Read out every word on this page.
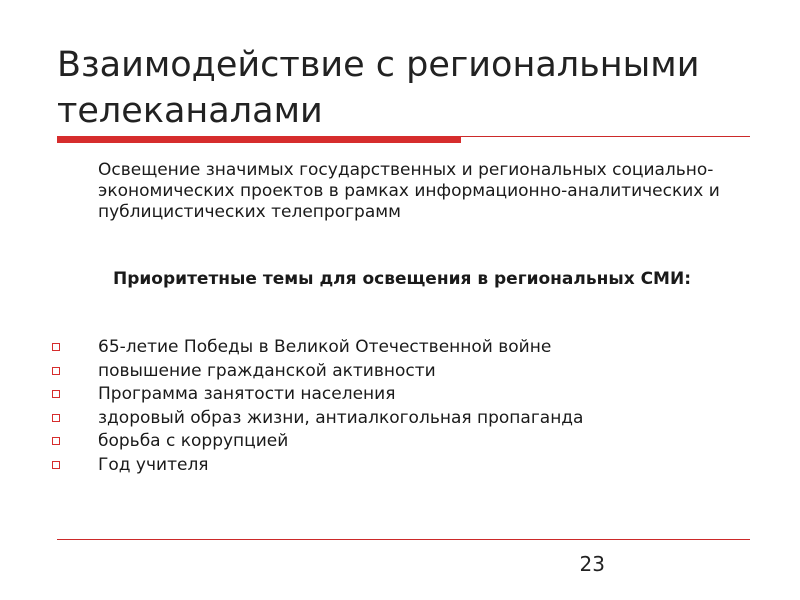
Взаимодействие с региональными телеканалами

Освещение значимых государственных и региональных социально-экономических проектов в рамках информационно-аналитических и публицистических телепрограмм

Приоритетные темы для освещения в региональных СМИ:

65-летие Победы в Великой Отечественной войне
повышение гражданской активности
Программа занятости населения
здоровый образ жизни, антиалкогольная пропаганда
борьба с коррупцией
Год учителя
23
